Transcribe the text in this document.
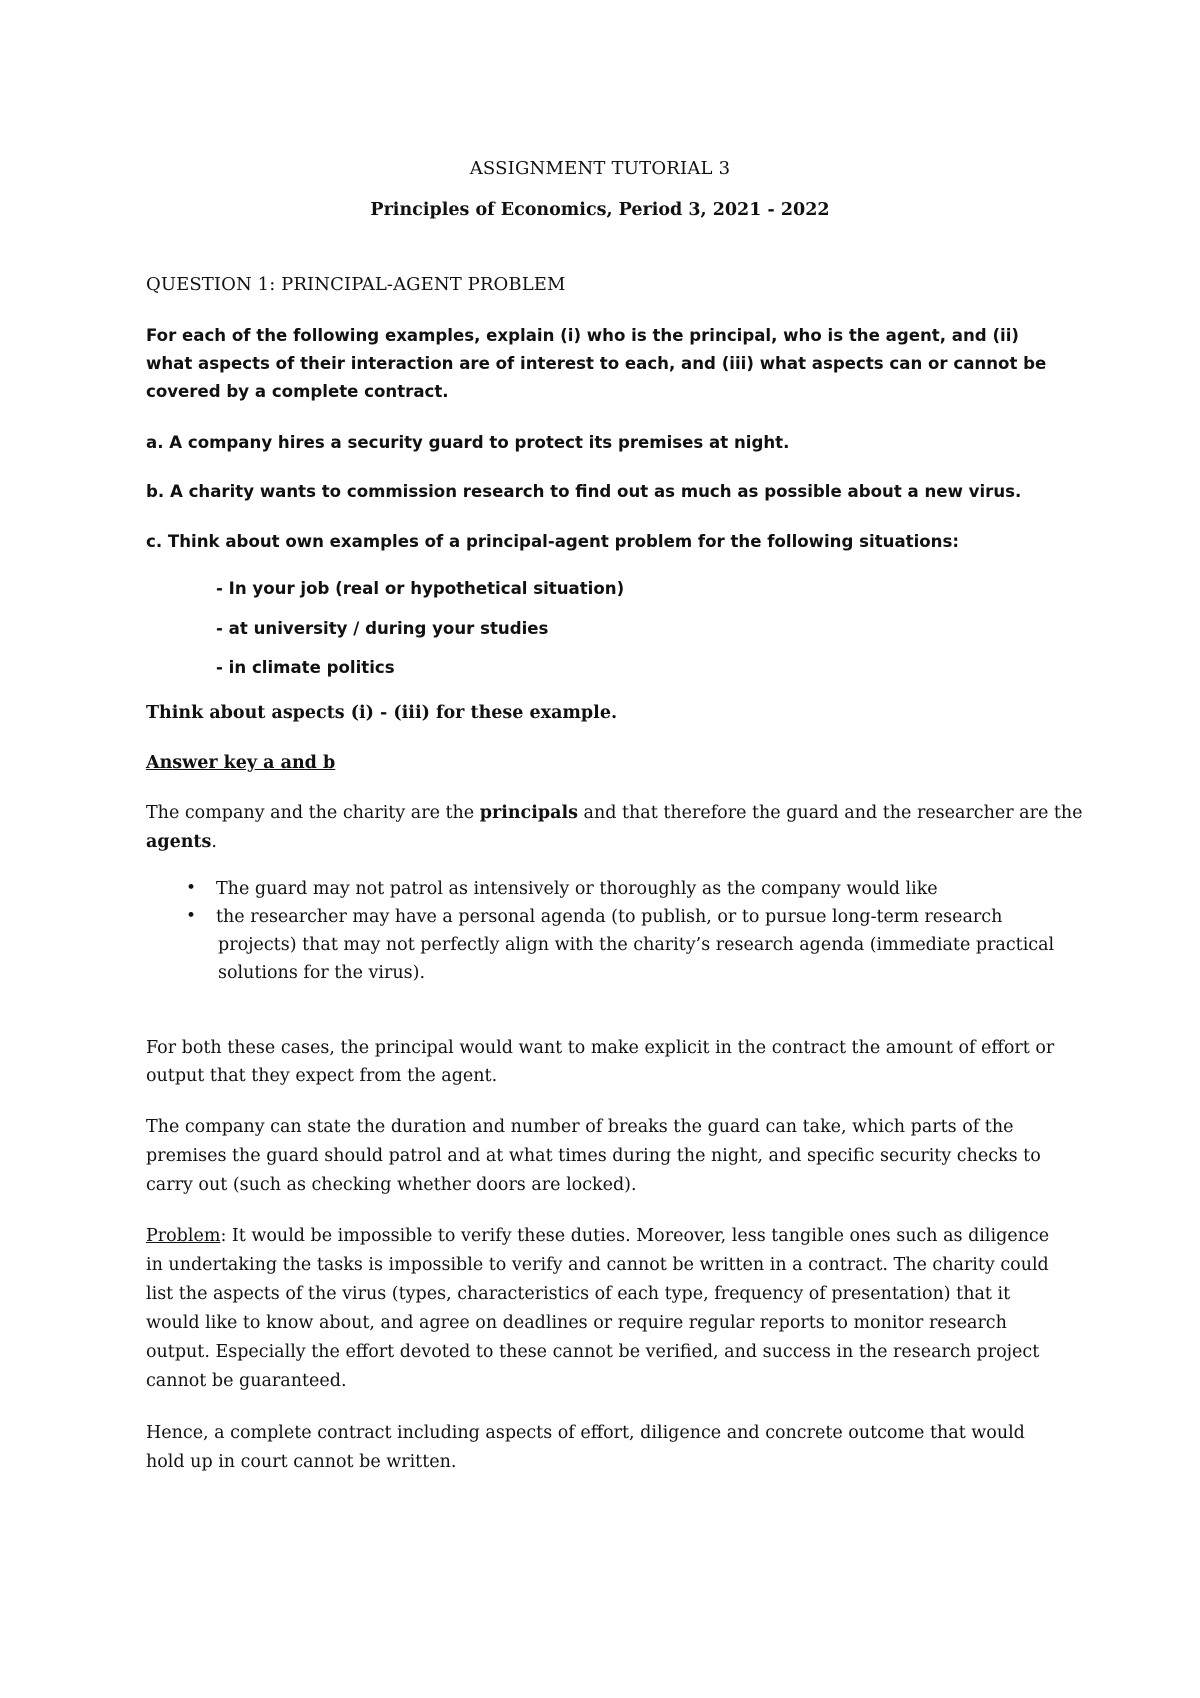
ASSIGNMENT TUTORIAL 3

Principles of Economics, Period 3, 2021 - 2022

QUESTION 1: PRINCIPAL-AGENT PROBLEM

For each of the following examples, explain (i) who is the principal, who is the agent, and (ii)

what aspects of their interaction are of interest to each, and (iii) what aspects can or cannot be

covered by a complete contract.

a. A company hires a security guard to protect its premises at night.

b. A charity wants to commission research to find out as much as possible about a new virus.

c. Think about own examples of a principal-agent problem for the following situations:

- In your job (real or hypothetical situation)

- at university / during your studies

- in climate politics

Think about aspects (i) - (iii) for these example.

Answer key a and b

The company and the charity are the principals and that therefore the guard and the researcher are the

agents.

• The guard may not patrol as intensively or thoroughly as the company would like

• the researcher may have a personal agenda (to publish, or to pursue long-term research

projects) that may not perfectly align with the charity’s research agenda (immediate practical

solutions for the virus).

For both these cases, the principal would want to make explicit in the contract the amount of effort or

output that they expect from the agent.

The company can state the duration and number of breaks the guard can take, which parts of the

premises the guard should patrol and at what times during the night, and specific security checks to

carry out (such as checking whether doors are locked).

Problem: It would be impossible to verify these duties. Moreover, less tangible ones such as diligence

in undertaking the tasks is impossible to verify and cannot be written in a contract. The charity could

list the aspects of the virus (types, characteristics of each type, frequency of presentation) that it

would like to know about, and agree on deadlines or require regular reports to monitor research

output. Especially the effort devoted to these cannot be verified, and success in the research project

cannot be guaranteed.

Hence, a complete contract including aspects of effort, diligence and concrete outcome that would

hold up in court cannot be written.
